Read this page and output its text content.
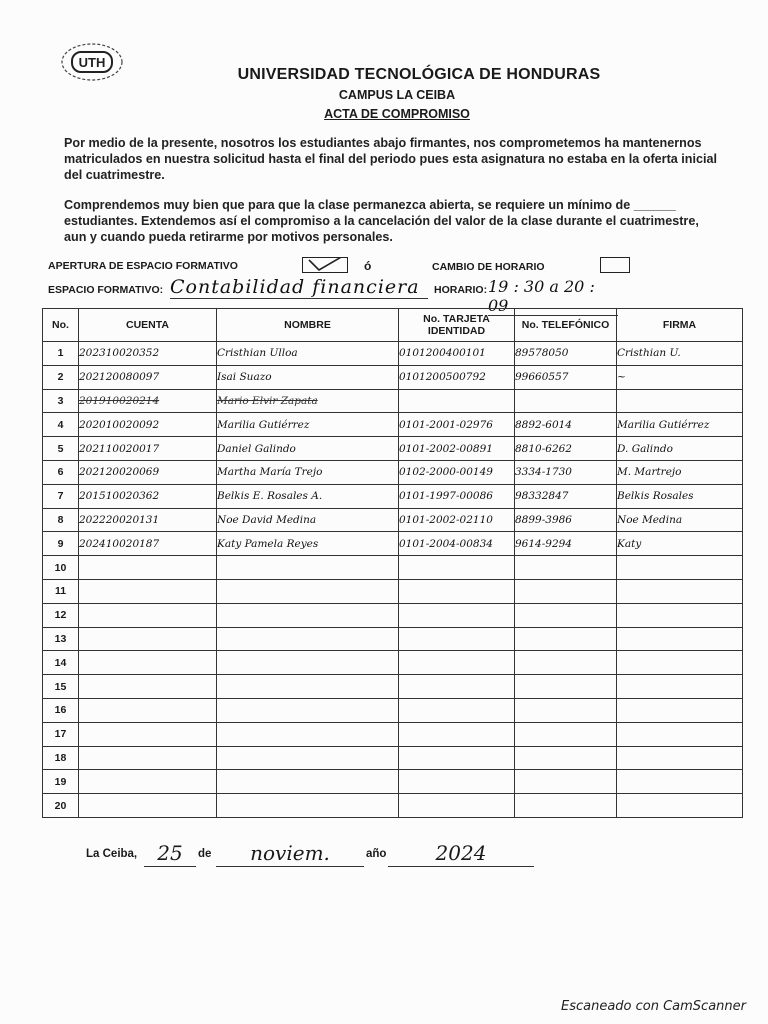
UTH
UNIVERSIDAD TECNOLÓGICA DE HONDURAS
CAMPUS LA CEIBA
ACTA DE COMPROMISO
Por medio de la presente, nosotros los estudiantes abajo firmantes, nos comprometemos ha mantenernos matriculados en nuestra solicitud hasta el final del periodo pues esta asignatura no estaba en la oferta inicial del cuatrimestre.
Comprendemos muy bien que para que la clase permanezca abierta, se requiere un mínimo de ______ estudiantes. Extendemos así el compromiso a la cancelación del valor de la clase durante el cuatrimestre, aun y cuando pueda retirarme por motivos personales.
APERTURA DE ESPACIO FORMATIVO	ó	CAMBIO DE HORARIO
ESPACIO FORMATIVO: Contabilidad financiera	HORARIO: 19 : 30 a 20 : 09
No.	CUENTA	NOMBRE	No. TARJETA IDENTIDAD	No. TELEFÓNICO	FIRMA
1	202310020352	Cristhian Ulloa	0101200400101	89578050	Cristhian U.
2	202120080097	Isai Suazo	0101200500792	99660557	~
3	201910020214	Mario Elvir Zapata			
4	202010020092	Marilia Gutiérrez	0101-2001-02976	8892-6014	Marilia Gutiérrez
5	202110020017	Daniel Galindo	0101-2002-00891	8810-6262	D. Galindo
6	202120020069	Martha María Trejo	0102-2000-00149	3334-1730	M. Martrejo
7	201510020362	Belkis E. Rosales A.	0101-1997-00086	98332847	Belkis Rosales
8	202220020131	Noe David Medina	0101-2002-02110	8899-3986	Noe Medina
9	202410020187	Katy Pamela Reyes	0101-2004-00834	9614-9294	Katy
10					
11					
12					
13					
14					
15					
16					
17					
18					
19					
20					
La Ceiba,	25	de	noviem.	año	2024
Escaneado con CamScanner
